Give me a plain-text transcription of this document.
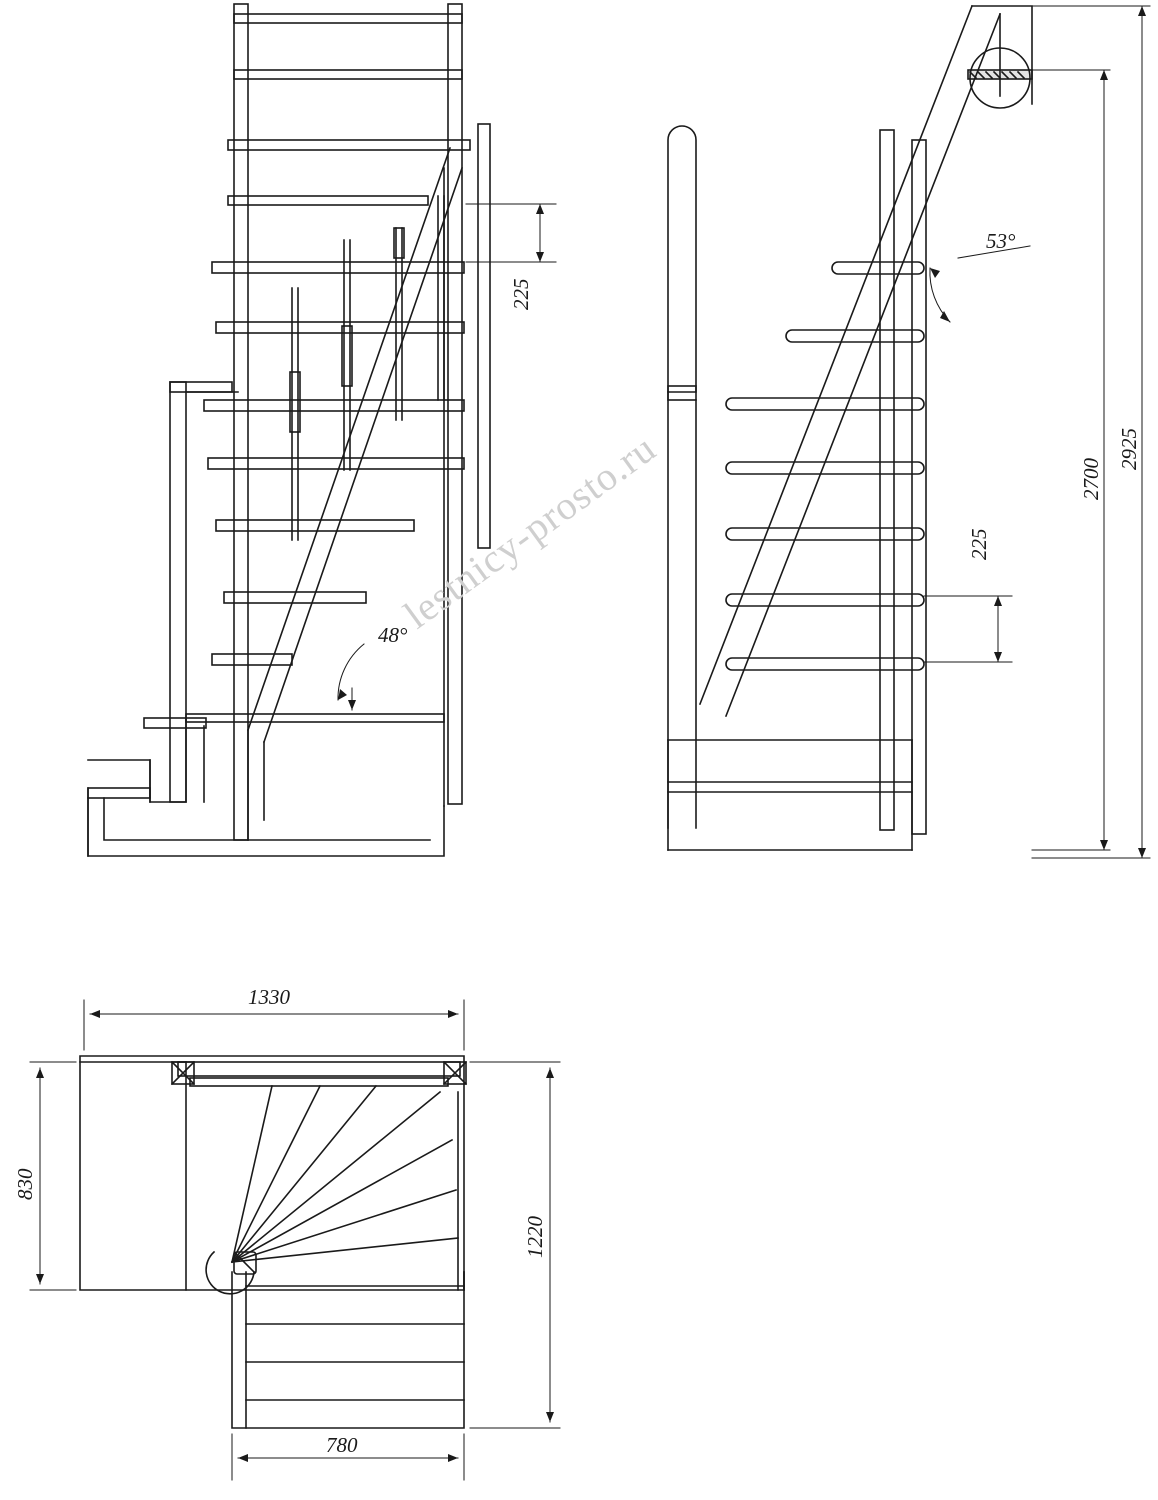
225
48°
53°
225
2700
2925
1330
830
1220
780
lestnicy-prosto.ru
